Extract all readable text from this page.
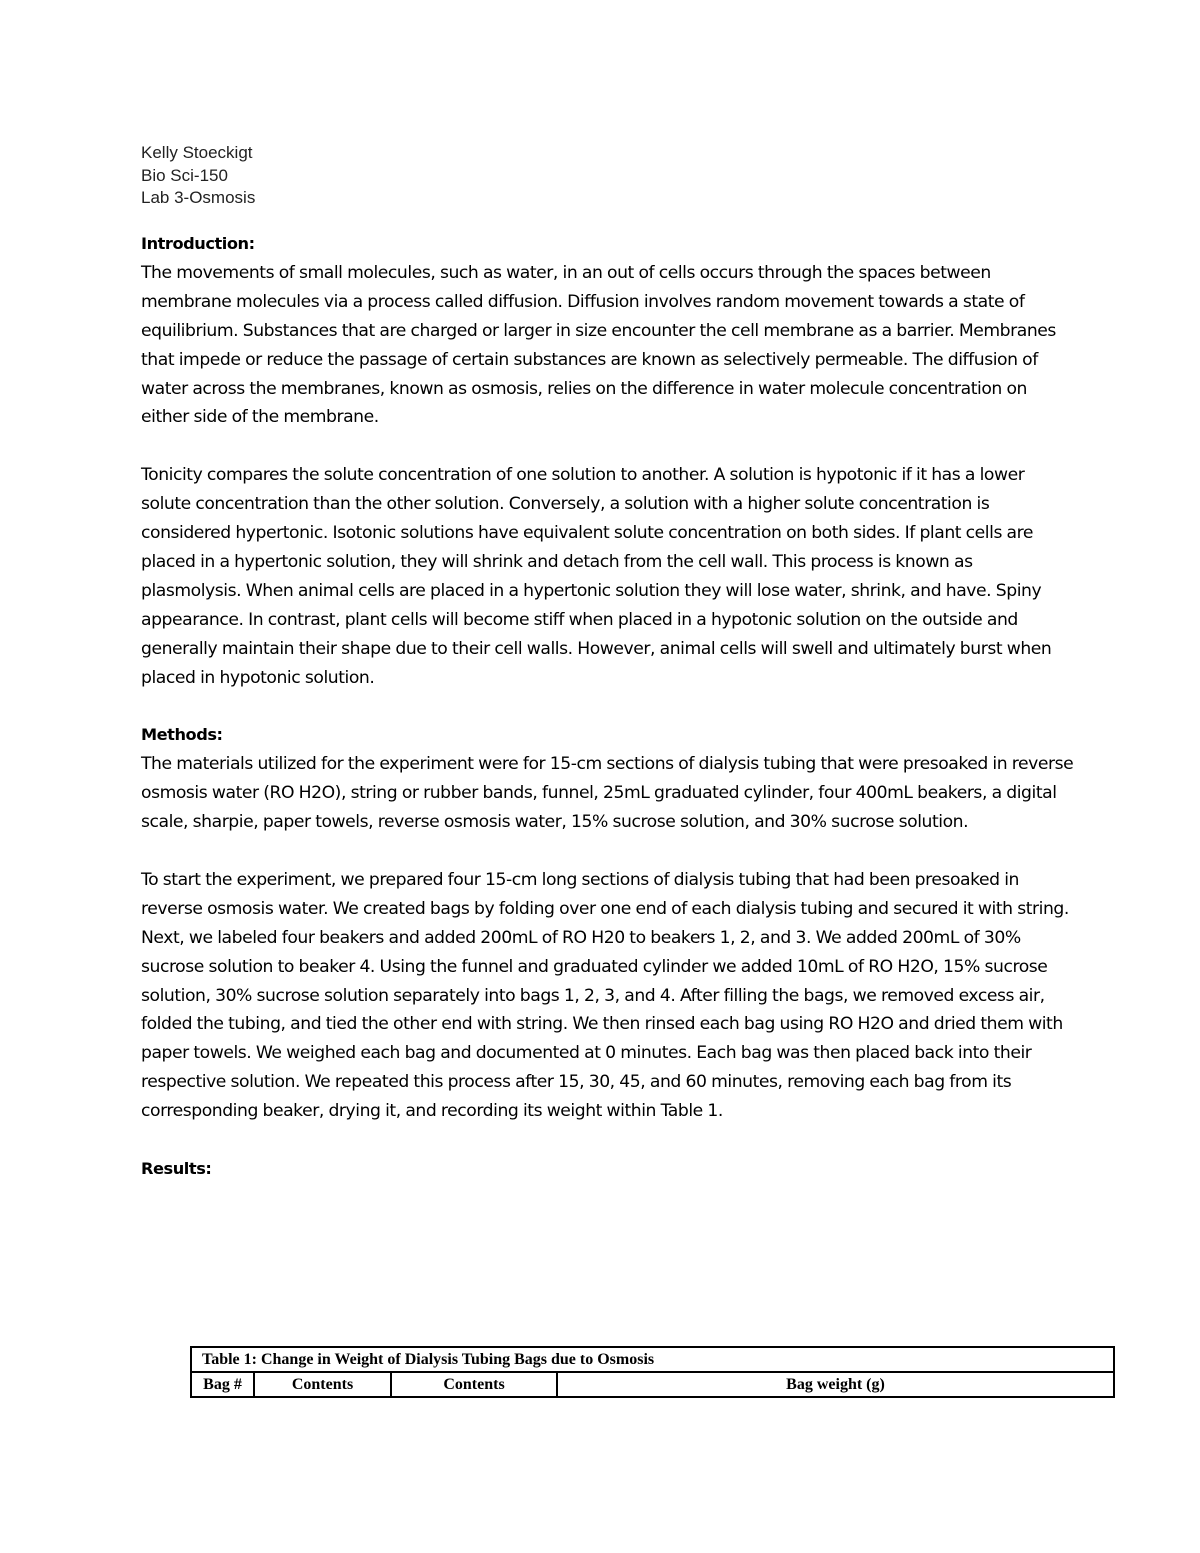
Kelly Stoeckigt
Bio Sci-150
Lab 3-Osmosis

Introduction:

The movements of small molecules, such as water, in an out of cells occurs through the spaces between membrane molecules via a process called diffusion. Diffusion involves random movement towards a state of equilibrium. Substances that are charged or larger in size encounter the cell membrane as a barrier. Membranes that impede or reduce the passage of certain substances are known as selectively permeable. The diffusion of water across the membranes, known as osmosis, relies on the difference in water molecule concentration on either side of the membrane.

Tonicity compares the solute concentration of one solution to another. A solution is hypotonic if it has a lower solute concentration than the other solution. Conversely, a solution with a higher solute concentration is considered hypertonic. Isotonic solutions have equivalent solute concentration on both sides. If plant cells are placed in a hypertonic solution, they will shrink and detach from the cell wall. This process is known as plasmolysis. When animal cells are placed in a hypertonic solution they will lose water, shrink, and have. Spiny appearance. In contrast, plant cells will become stiff when placed in a hypotonic solution on the outside and generally maintain their shape due to their cell walls. However, animal cells will swell and ultimately burst when placed in hypotonic solution.

Methods:

The materials utilized for the experiment were for 15-cm sections of dialysis tubing that were presoaked in reverse osmosis water (RO H2O), string or rubber bands, funnel, 25mL graduated cylinder, four 400mL beakers, a digital scale, sharpie, paper towels, reverse osmosis water, 15% sucrose solution, and 30% sucrose solution.

To start the experiment, we prepared four 15-cm long sections of dialysis tubing that had been presoaked in reverse osmosis water. We created bags by folding over one end of each dialysis tubing and secured it with string. Next, we labeled four beakers and added 200mL of RO H20 to beakers 1, 2, and 3. We added 200mL of 30% sucrose solution to beaker 4. Using the funnel and graduated cylinder we added 10mL of RO H2O, 15% sucrose solution, 30% sucrose solution separately into bags 1, 2, 3, and 4. After filling the bags, we removed excess air, folded the tubing, and tied the other end with string. We then rinsed each bag using RO H2O and dried them with paper towels. We weighed each bag and documented at 0 minutes. Each bag was then placed back into their respective solution. We repeated this process after 15, 30, 45, and 60 minutes, removing each bag from its corresponding beaker, drying it, and recording its weight within Table 1.

Results:

Table 1: Change in Weight of Dialysis Tubing Bags due to Osmosis
Bag #	Contents	Contents	Bag weight (g)
